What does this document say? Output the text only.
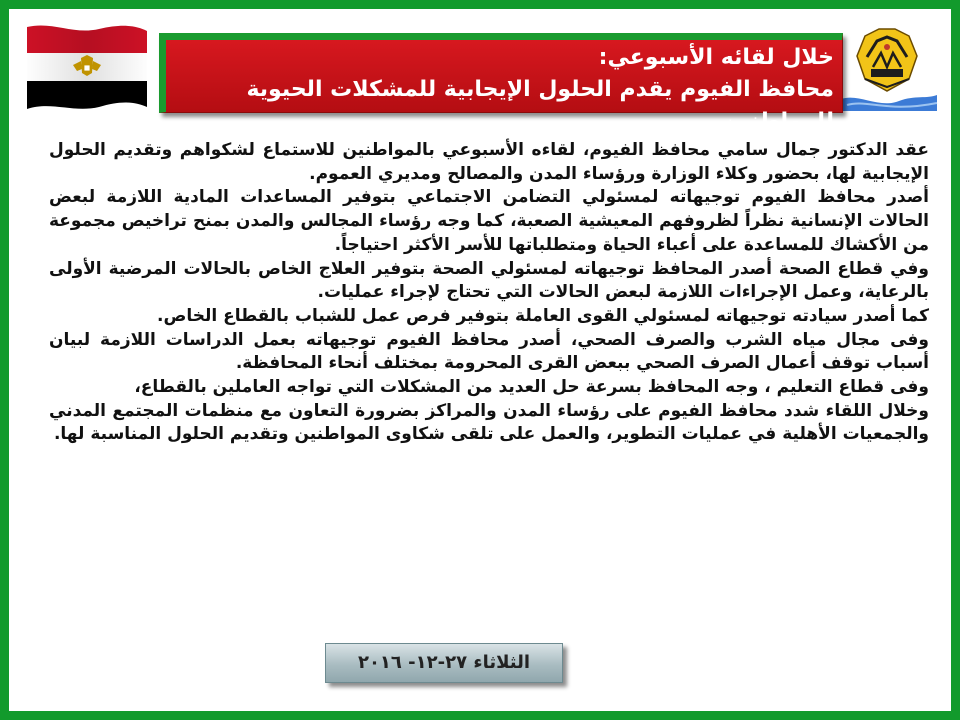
خلال لقائه الأسبوعي:
محافظ الفيوم يقدم الحلول الإيجابية للمشكلات الحيوية للمواطنين

عقد الدكتور جمال سامي محافظ الفيوم، لقاءه الأسبوعي بالمواطنين للاستماع لشكواهم وتقديم الحلول الإيجابية لها، بحضور وكلاء الوزارة ورؤساء المدن والمصالح ومديري العموم.

أصدر محافظ الفيوم توجيهاته لمسئولي التضامن الاجتماعي بتوفير المساعدات المادية اللازمة لبعض الحالات الإنسانية نظراً لظروفهم المعيشية الصعبة، كما وجه رؤساء المجالس والمدن بمنح تراخيص مجموعة من الأكشاك للمساعدة على أعباء الحياة ومتطلباتها للأسر الأكثر احتياجاً.

وفي قطاع الصحة أصدر المحافظ توجيهاته لمسئولي الصحة بتوفير العلاج الخاص بالحالات المرضية الأولى بالرعاية، وعمل الإجراءات اللازمة لبعض الحالات التي تحتاج لإجراء عمليات.

كما أصدر سيادته توجيهاته لمسئولي القوى العاملة بتوفير فرص عمل للشباب بالقطاع الخاص.

وفى مجال مياه الشرب والصرف الصحي، أصدر محافظ الفيوم توجيهاته بعمل الدراسات اللازمة لبيان أسباب توقف أعمال الصرف الصحي ببعض القرى المحرومة بمختلف أنحاء المحافظة.

وفى قطاع التعليم ، وجه المحافظ بسرعة حل العديد من المشكلات التي تواجه العاملين بالقطاع،

وخلال اللقاء شدد محافظ الفيوم على رؤساء المدن والمراكز بضرورة التعاون مع منظمات المجتمع المدني والجمعيات الأهلية في عمليات التطوير، والعمل على تلقى شكاوى المواطنين وتقديم الحلول المناسبة لها.

الثلاثاء ٢٧-١٢- ٢٠١٦
